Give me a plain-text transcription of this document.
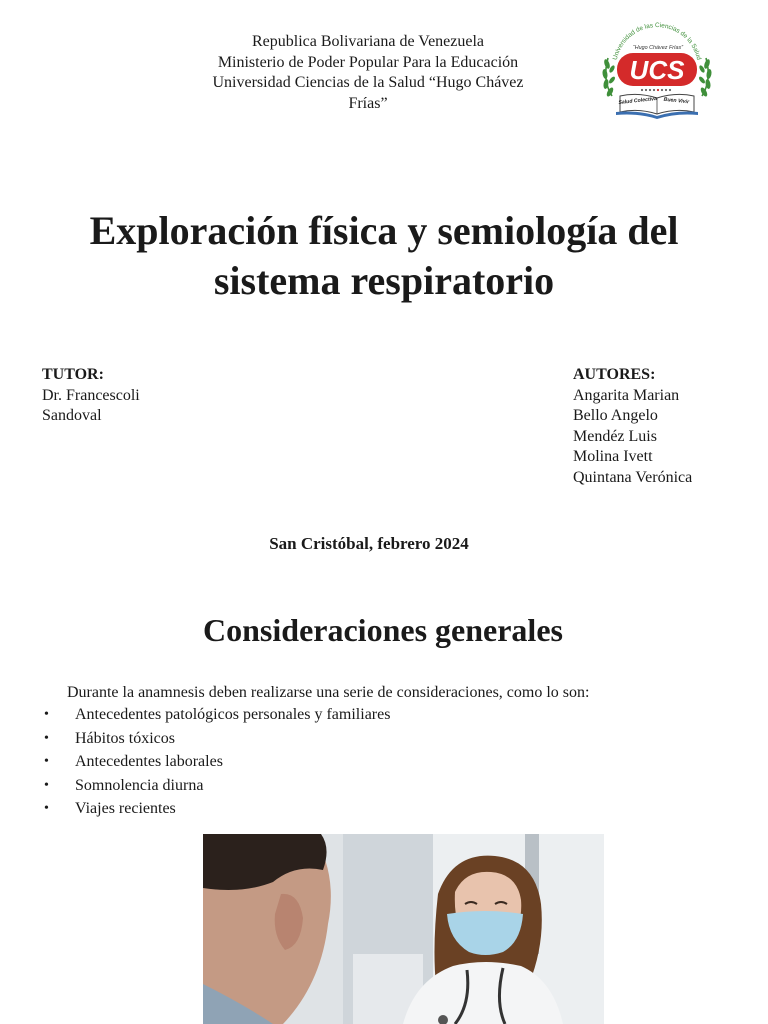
Republica Bolivariana de Venezuela
Ministerio de Poder Popular Para la Educación
Universidad Ciencias de la Salud “Hugo Chávez
Frías”
Universidad de las Ciencias de la Salud
“Hugo Chávez Frías”
UCS
Salud Colectiva Buen Vivir
Exploración física y semiología del
sistema respiratorio
TUTOR:
Dr. Francescoli
Sandoval
AUTORES:
Angarita Marian
Bello Angelo
Mendéz Luis
Molina Ivett
Quintana Verónica
San Cristóbal, febrero 2024
Consideraciones generales
Durante la anamnesis deben realizarse una serie de consideraciones, como lo son:
• Antecedentes patológicos personales y familiares
• Hábitos tóxicos
• Antecedentes laborales
• Somnolencia diurna
• Viajes recientes
